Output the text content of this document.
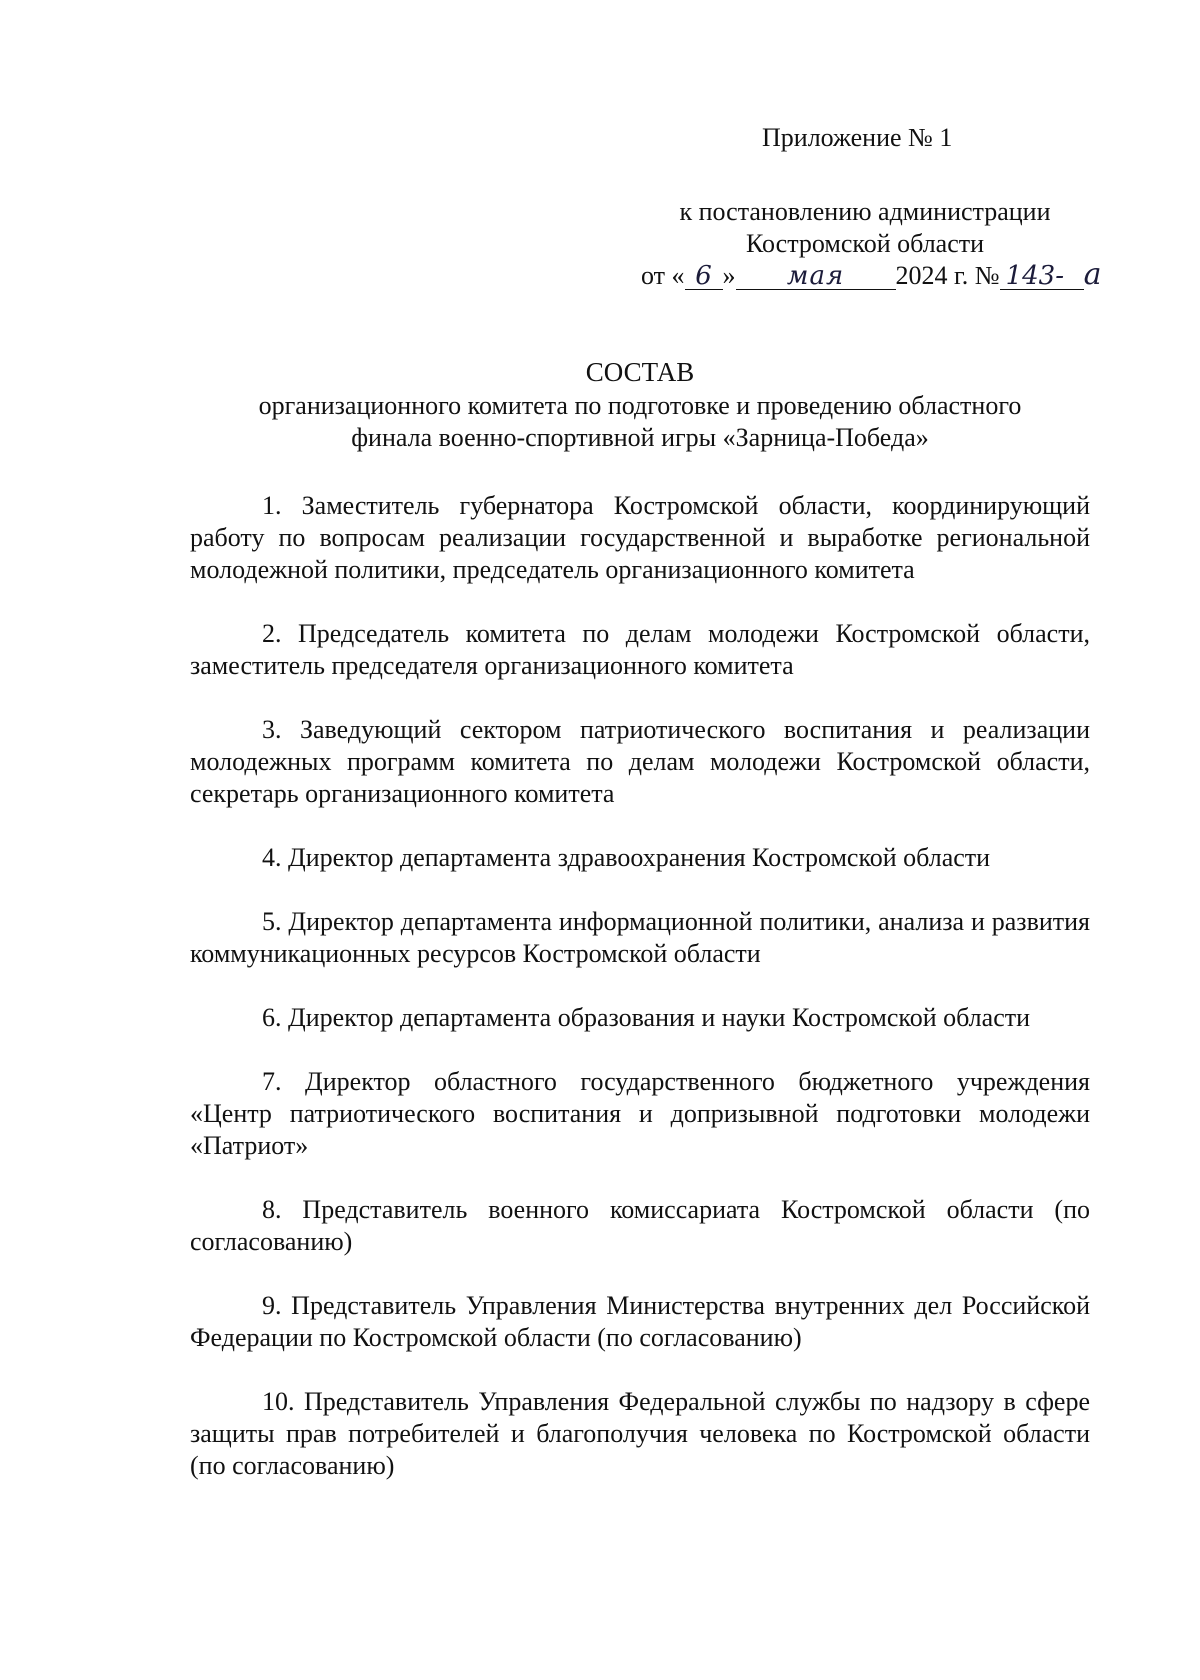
Приложение № 1
к постановлению администрации
Костромской области
от « 6 » мая 2024 г. № 143- а
СОСТАВ
организационного комитета по подготовке и проведению областного
финала военно-спортивной игры «Зарница-Победа»

1. Заместитель губернатора Костромской области, координирующий работу по вопросам реализации государственной и выработке региональной молодежной политики, председатель организационного комитета

2. Председатель комитета по делам молодежи Костромской области, заместитель председателя организационного комитета

3. Заведующий сектором патриотического воспитания и реализации молодежных программ комитета по делам молодежи Костромской области, секретарь организационного комитета

4. Директор департамента здравоохранения Костромской области

5. Директор департамента информационной политики, анализа и развития коммуникационных ресурсов Костромской области

6. Директор департамента образования и науки Костромской области

7. Директор областного государственного бюджетного учреждения «Центр патриотического воспитания и допризывной подготовки молодежи «Патриот»

8. Представитель военного комиссариата Костромской области (по согласованию)

9. Представитель Управления Министерства внутренних дел Российской Федерации по Костромской области (по согласованию)

10. Представитель Управления Федеральной службы по надзору в сфере защиты прав потребителей и благополучия человека по Костромской области (по согласованию)
